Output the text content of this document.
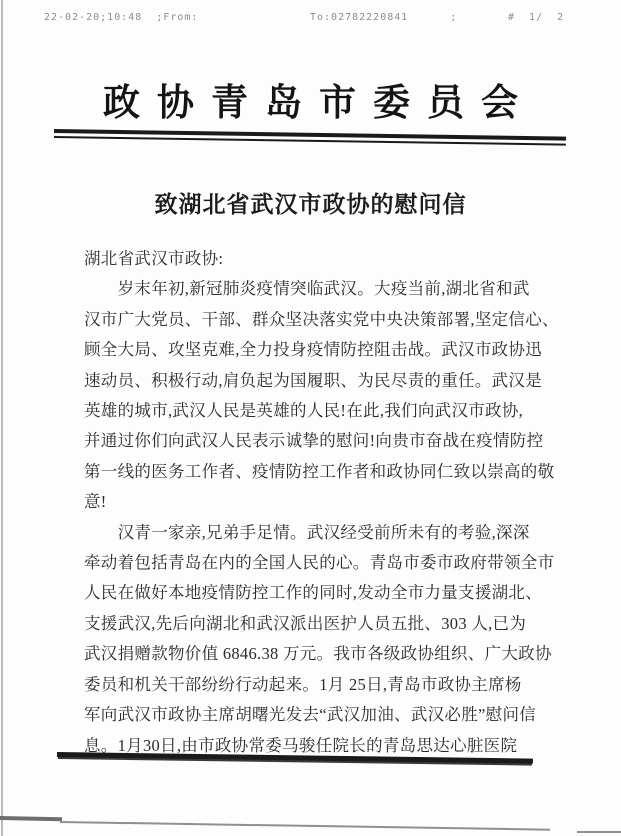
22-02-20;10:48  ;From:	To:02782220841      ;	#  1/  2
政协青岛市委员会
致湖北省武汉市政协的慰问信
湖北省武汉市政协:
　　岁末年初,新冠肺炎疫情突临武汉。大疫当前,湖北省和武
汉市广大党员、干部、群众坚决落实党中央决策部署,坚定信心、
顾全大局、攻坚克难,全力投身疫情防控阻击战。武汉市政协迅
速动员、积极行动,肩负起为国履职、为民尽责的重任。武汉是
英雄的城市,武汉人民是英雄的人民!在此,我们向武汉市政协,
并通过你们向武汉人民表示诚挚的慰问!向贵市奋战在疫情防控
第一线的医务工作者、疫情防控工作者和政协同仁致以崇高的敬
意!
　　汉青一家亲,兄弟手足情。武汉经受前所未有的考验,深深
牵动着包括青岛在内的全国人民的心。青岛市委市政府带领全市
人民在做好本地疫情防控工作的同时,发动全市力量支援湖北、
支援武汉,先后向湖北和武汉派出医护人员五批、303 人,已为
武汉捐赠款物价值 6846.38 万元。我市各级政协组织、广大政协
委员和机关干部纷纷行动起来。1月 25日,青岛市政协主席杨
军向武汉市政协主席胡曙光发去“武汉加油、武汉必胜”慰问信
息。1月30日,由市政协常委马骏任院长的青岛思达心脏医院
